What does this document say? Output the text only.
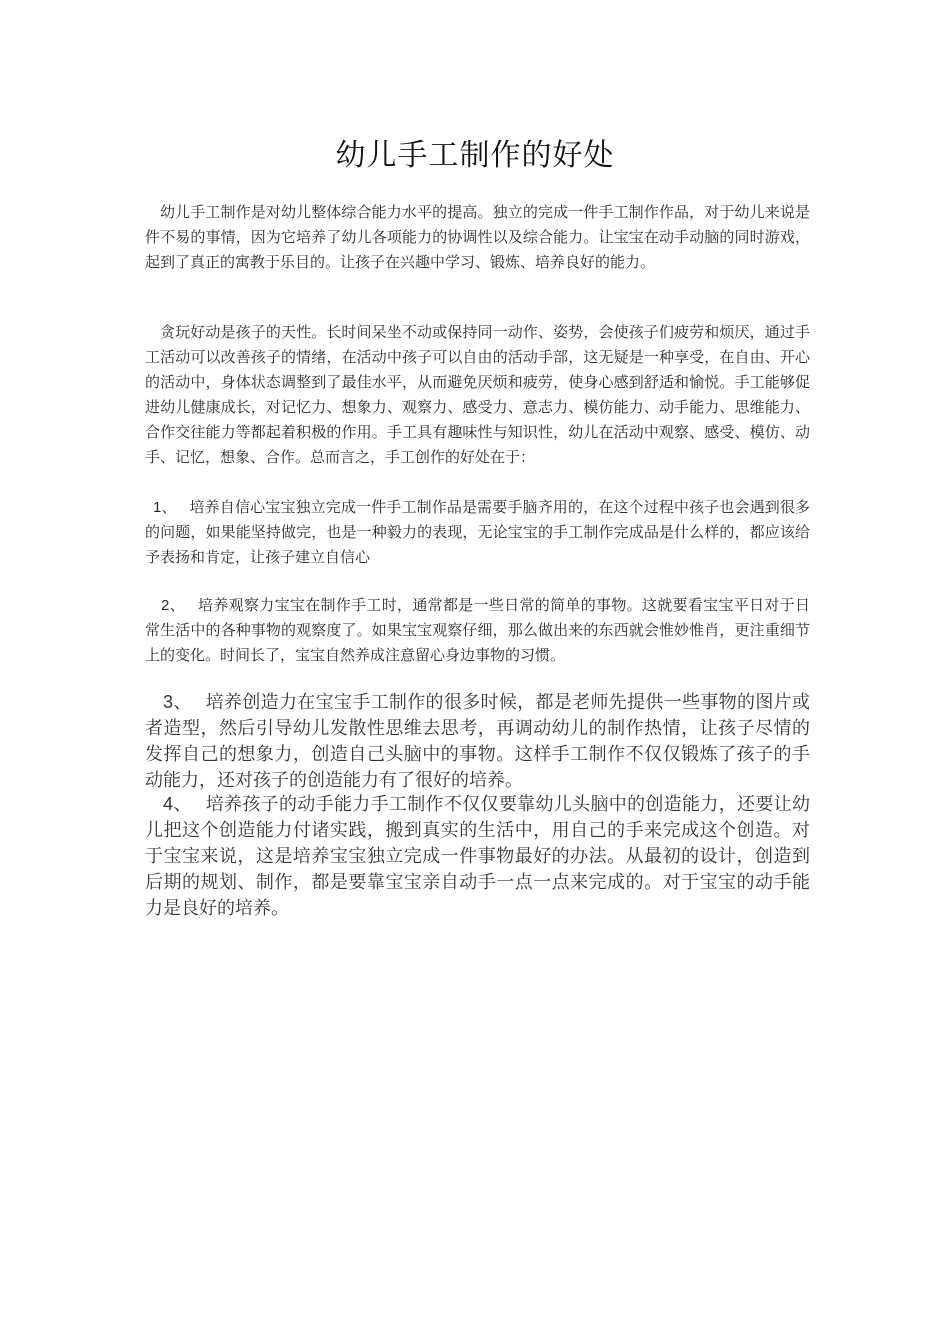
幼儿手工制作的好处

幼儿手工制作是对幼儿整体综合能力水平的提高。独立的完成一件手工制作作品，对于幼儿来说是件不易的事情，因为它培养了幼儿各项能力的协调性以及综合能力。让宝宝在动手动脑的同时游戏，起到了真正的寓教于乐目的。让孩子在兴趣中学习、锻炼、培养良好的能力。

贪玩好动是孩子的天性。长时间呆坐不动或保持同一动作、姿势，会使孩子们疲劳和烦厌，通过手工活动可以改善孩子的情绪，在活动中孩子可以自由的活动手部，这无疑是一种享受，在自由、开心的活动中，身体状态调整到了最佳水平，从而避免厌烦和疲劳，使身心感到舒适和愉悦。手工能够促进幼儿健康成长，对记忆力、想象力、观察力、感受力、意志力、模仿能力、动手能力、思维能力、合作交往能力等都起着积极的作用。手工具有趣味性与知识性，幼儿在活动中观察、感受、模仿、动手、记忆，想象、合作。总而言之，手工创作的好处在于：

1、 培养自信心宝宝独立完成一件手工制作品是需要手脑齐用的，在这个过程中孩子也会遇到很多的问题，如果能坚持做完，也是一种毅力的表现，无论宝宝的手工制作完成品是什么样的，都应该给予表扬和肯定，让孩子建立自信心

2、 培养观察力宝宝在制作手工时，通常都是一些日常的简单的事物。这就要看宝宝平日对于日常生活中的各种事物的观察度了。如果宝宝观察仔细，那么做出来的东西就会惟妙惟肖，更注重细节上的变化。时间长了，宝宝自然养成注意留心身边事物的习惯。

3、 培养创造力在宝宝手工制作的很多时候，都是老师先提供一些事物的图片或者造型，然后引导幼儿发散性思维去思考，再调动幼儿的制作热情，让孩子尽情的发挥自己的想象力，创造自己头脑中的事物。这样手工制作不仅仅锻炼了孩子的手动能力，还对孩子的创造能力有了很好的培养。

4、 培养孩子的动手能力手工制作不仅仅要靠幼儿头脑中的创造能力，还要让幼儿把这个创造能力付诸实践，搬到真实的生活中，用自己的手来完成这个创造。对于宝宝来说，这是培养宝宝独立完成一件事物最好的办法。从最初的设计，创造到后期的规划、制作，都是要靠宝宝亲自动手一点一点来完成的。对于宝宝的动手能力是良好的培养。
